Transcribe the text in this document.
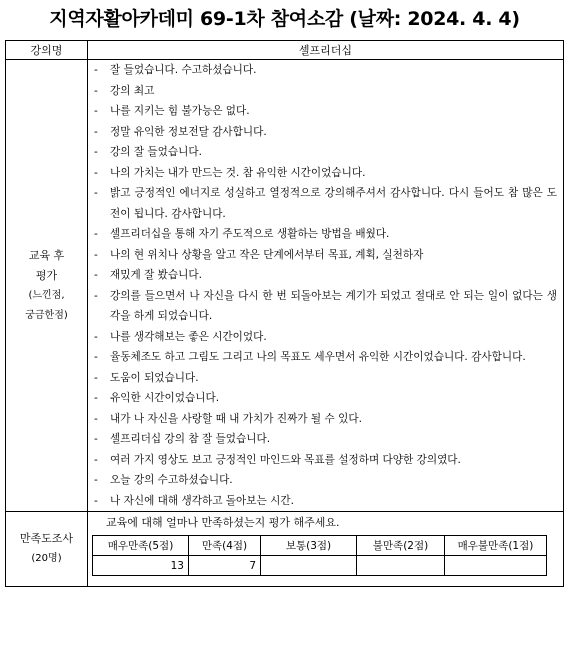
지역자활아카데미 69-1차 참여소감 (날짜: 2024. 4. 4)
강의명	셀프리더십

교육 후
평가
(느낀점,
궁금한점)

- 잘 들었습니다. 수고하셨습니다.
- 강의 최고
- 나를 지키는 힘 불가능은 없다.
- 정말 유익한 정보전달 감사합니다.
- 강의 잘 들었습니다.
- 나의 가치는 내가 만드는 것. 참 유익한 시간이었습니다.
- 밝고 긍정적인 에너지로 성실하고 열정적으로 강의해주셔서 감사합니다. 다시 들어도 참 많은 도전이 됩니다. 감사합니다.
- 셀프리더십을 통해 자기 주도적으로 생활하는 방법을 배웠다.
- 나의 현 위치나 상황을 알고 작은 단계에서부터 목표, 계획, 실천하자
- 재밌게 잘 봤습니다.
- 강의를 들으면서 나 자신을 다시 한 번 되돌아보는 계기가 되었고 절대로 안 되는 일이 없다는 생각을 하게 되었습니다.
- 나를 생각해보는 좋은 시간이었다.
- 율동체조도 하고 그림도 그리고 나의 목표도 세우면서 유익한 시간이었습니다. 감사합니다.
- 도움이 되었습니다.
- 유익한 시간이었습니다.
- 내가 나 자신을 사랑할 때 내 가치가 진짜가 될 수 있다.
- 셀프리더십 강의 참 잘 들었습니다.
- 여러 가지 영상도 보고 긍정적인 마인드와 목표를 설정하며 다양한 강의였다.
- 오늘 강의 수고하셨습니다.
- 나 자신에 대해 생각하고 돌아보는 시간.

만족도조사
(20명)

교육에 대해 얼마나 만족하셨는지 평가 해주세요.
매우만족(5점)	만족(4점)	보통(3점)	불만족(2점)	매우불만족(1점)
13	7			
